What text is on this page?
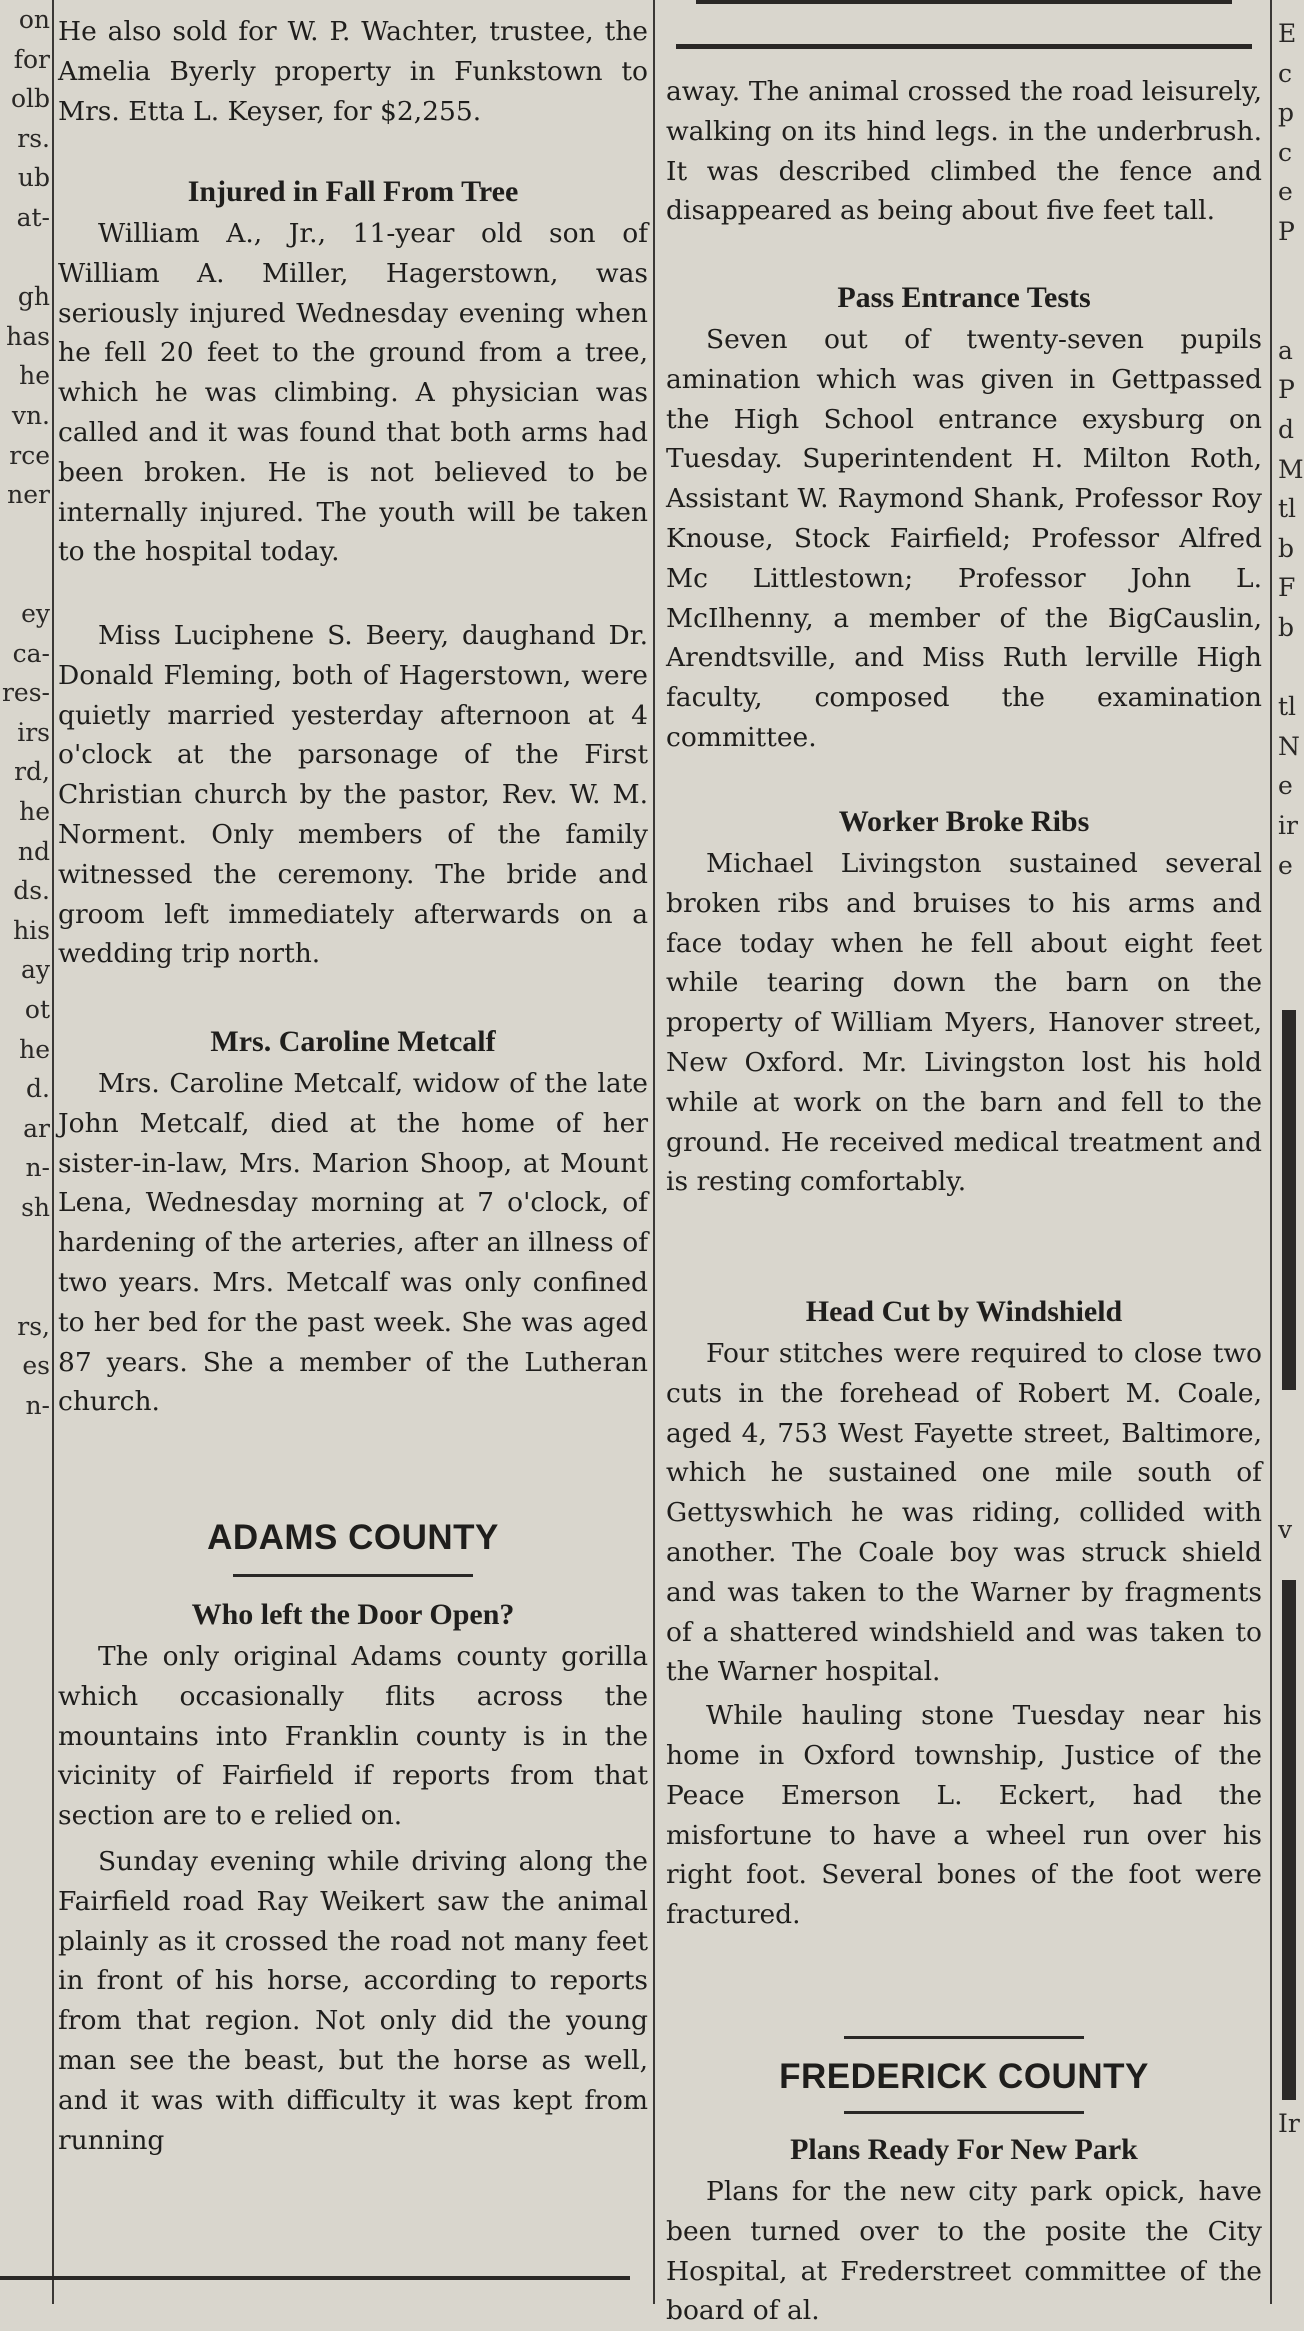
on
for
olb
rs.
ub
at-
gh
has
he
vn.
rce
ner
ey
ca-
res-
irs
rd,
he
nd
ds.
his
ay
ot
he
d.
ar
n-
sh
rs,
es
n-

He also sold for W. P. Wachter, trustee, the Amelia Byerly property in Funkstown to Mrs. Etta L. Keyser, for $2,255.

Injured in Fall From Tree

William A., Jr., 11-year old son of William A. Miller, Hagerstown, was seriously injured Wednesday evening when he fell 20 feet to the ground from a tree, which he was climbing. A physician was called and it was found that both arms had been broken. He is not believed to be internally injured. The youth will be taken to the hospital today.

Miss Luciphene S. Beery, daughand Dr. Donald Fleming, both of Hagerstown, were quietly married yesterday afternoon at 4 o'clock at the parsonage of the First Christian church by the pastor, Rev. W. M. Norment. Only members of the family witnessed the ceremony. The bride and groom left immediately afterwards on a wedding trip north.

Mrs. Caroline Metcalf

Mrs. Caroline Metcalf, widow of the late John Metcalf, died at the home of her sister-in-law, Mrs. Marion Shoop, at Mount Lena, Wednesday morning at 7 o'clock, of hardening of the arteries, after an illness of two years. Mrs. Metcalf was only confined to her bed for the past week. She was aged 87 years. She a member of the Lutheran church.

ADAMS COUNTY
Who left the Door Open?

The only original Adams county gorilla which occasionally flits across the mountains into Franklin county is in the vicinity of Fairfield if reports from that section are to e relied on.

Sunday evening while driving along the Fairfield road Ray Weikert saw the animal plainly as it crossed the road not many feet in front of his horse, according to reports from that region. Not only did the young man see the beast, but the horse as well, and it was with difficulty it was kept from running

away. The animal crossed the road leisurely, walking on its hind legs. in the underbrush. It was described climbed the fence and disappeared as being about five feet tall.

Pass Entrance Tests

Seven out of twenty-seven pupils amination which was given in Gettpassed the High School entrance exysburg on Tuesday. Superintendent H. Milton Roth, Assistant W. Raymond Shank, Professor Roy Knouse, Stock Fairfield; Professor Alfred Mc Littlestown; Professor John L. McIlhenny, a member of the BigCauslin, Arendtsville, and Miss Ruth lerville High faculty, composed the examination committee.

Worker Broke Ribs

Michael Livingston sustained several broken ribs and bruises to his arms and face today when he fell about eight feet while tearing down the barn on the property of William Myers, Hanover street, New Oxford. Mr. Livingston lost his hold while at work on the barn and fell to the ground. He received medical treatment and is resting comfortably.

Head Cut by Windshield

Four stitches were required to close two cuts in the forehead of Robert M. Coale, aged 4, 753 West Fayette street, Baltimore, which he sustained one mile south of Gettyswhich he was riding, collided with another. The Coale boy was struck shield and was taken to the Warner by fragments of a shattered windshield and was taken to the Warner hospital.

While hauling stone Tuesday near his home in Oxford township, Justice of the Peace Emerson L. Eckert, had the misfortune to have a wheel run over his right foot. Several bones of the foot were fractured.

FREDERICK COUNTY
Plans Ready For New Park

Plans for the new city park opick, have been turned over to the posite the City Hospital, at Frederstreet committee of the board of al.

E
c
p
c
e
P
a
P
d
M
tl
b
F
b
tl
N
e
ir
e
v
Ir
